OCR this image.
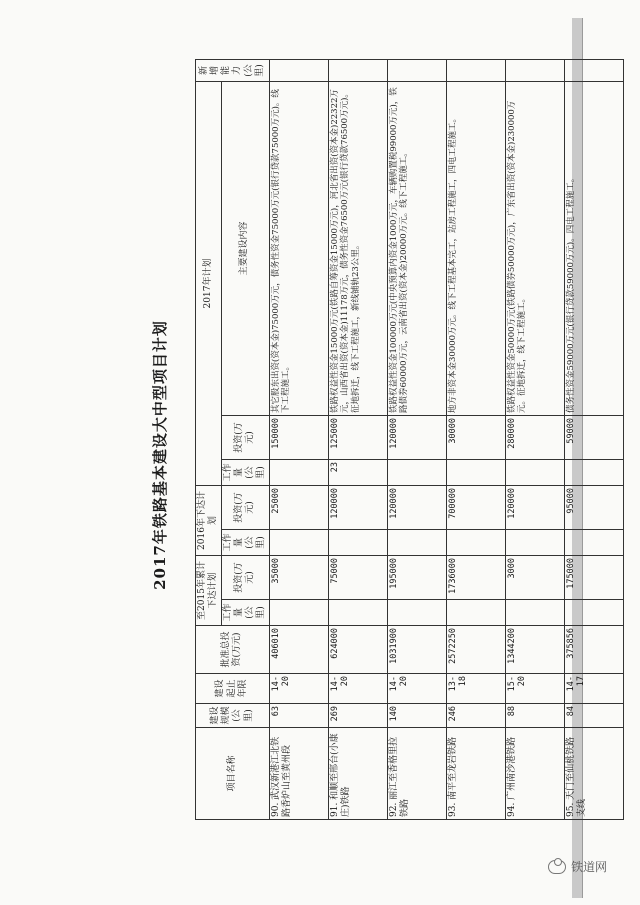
2017年铁路基本建设大中型项目计划
项目名称	建设规模(公里)	建设起止年限	批准总投资(万元)	至2015年累计下达计划		2016年下达计划		2017年计划			新增能力(公里)
				工作量(公里)	投资(万元)	工作量(公里)	投资(万元)	工作量(公里)	投资(万元)	主要建设内容	
90. 武汉新港江北铁路香炉山至黄州段	63	14-20	406010		35000		25000		150000	其它股东出资(资本金)75000万元，债务性资金75000万元(银行贷款75000万元)。线下工程施工。	
91. 和顺至邢台(小康庄)铁路	269	14-20	624000		75000		120000	23	125000	铁路权益性资金15000万元(铁路自筹资金15000万元)，河北省出资(资本金)22322万元，山西省出资(资本金)11178万元，债务性资金76500万元(银行贷款76500万元)。征地拆迁，线下工程施工，新线铺轨23公里。	
92. 丽江至香格里拉铁路	140	14-20	1031900		195000		120000		120000	铁路权益性资金100000万元(中央预算内资金1000万元，车辆购置税99000万元)，铁路债券60000万元，云南省出资(资本金)20000万元。线下工程施工。	
93. 南平至龙岩铁路	246	13-18	2572250		1736000		700000		30000	地方非资本金30000万元。线下工程基本完工，站房工程施工，四电工程施工。	
94. 广州南沙港铁路	88	15-20	1344200		3000		120000		280000	铁路权益性资金50000万元(铁路债券50000万元)，广东省出资(资本金)230000万元。征地拆迁，线下工程施工。	
95. 天门至仙桃铁路支线	84	14-17	375856		175000		95000		59000	债务性资金59000万元(银行贷款59000万元)。四电工程施工。	
铁道网
